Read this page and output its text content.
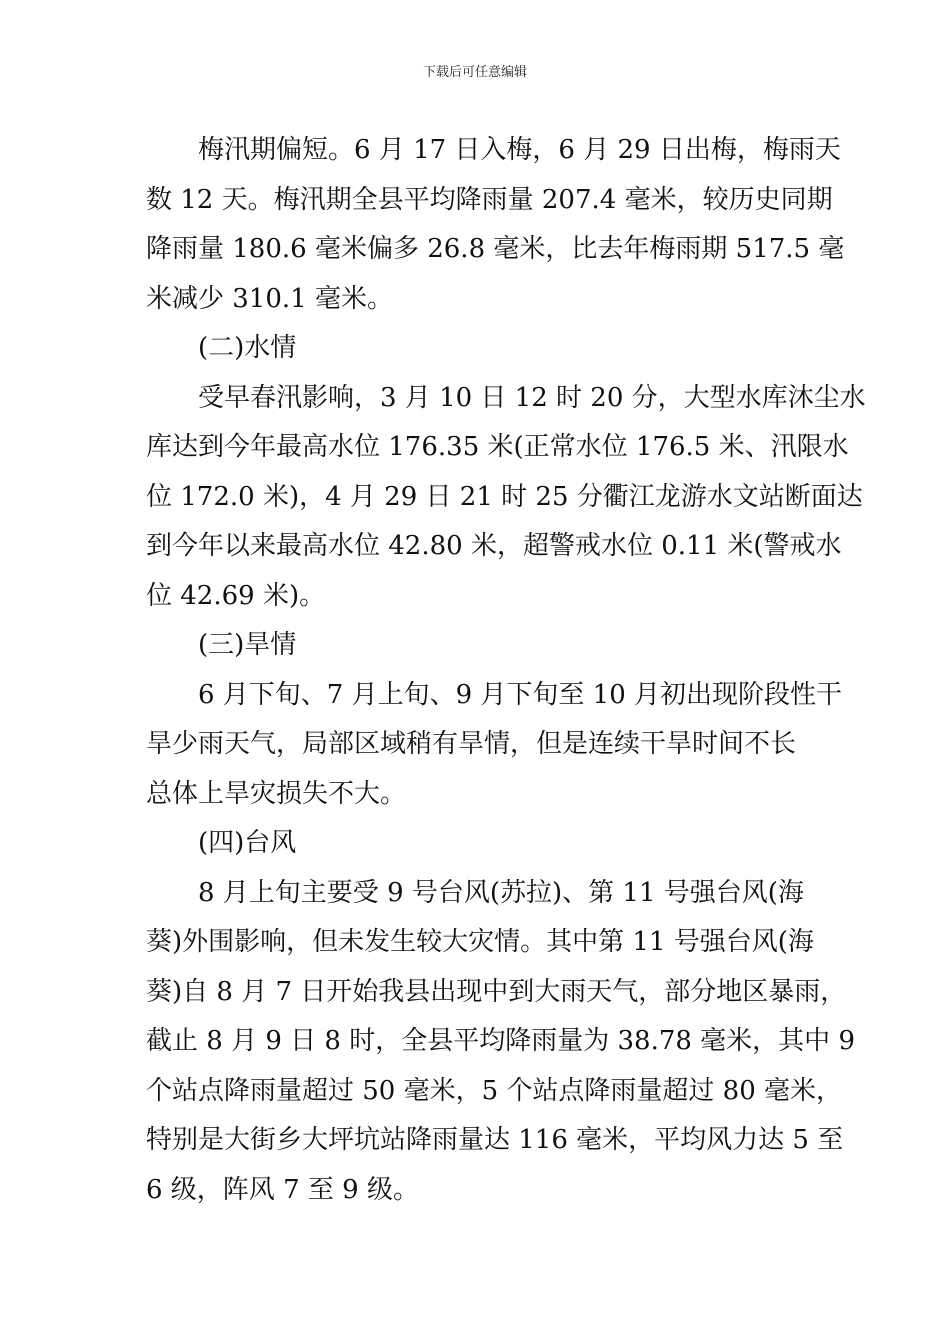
下载后可任意编辑
梅汛期偏短。6 月 17 日入梅，6 月 29 日出梅，梅雨天
数 12 天。梅汛期全县平均降雨量 207.4 毫米，较历史同期
降雨量 180.6 毫米偏多 26.8 毫米，比去年梅雨期 517.5 毫
米减少 310.1 毫米。
(二)水情
受早春汛影响，3 月 10 日 12 时 20 分，大型水库沐尘水
库达到今年最高水位 176.35 米(正常水位 176.5 米、汛限水
位 172.0 米)，4 月 29 日 21 时 25 分衢江龙游水文站断面达
到今年以来最高水位 42.80 米，超警戒水位 0.11 米(警戒水
位 42.69 米)。
(三)旱情
6 月下旬、7 月上旬、9 月下旬至 10 月初出现阶段性干
旱少雨天气，局部区域稍有旱情，但是连续干旱时间不长
总体上旱灾损失不大。
(四)台风
8 月上旬主要受 9 号台风(苏拉)、第 11 号强台风(海
葵)外围影响，但未发生较大灾情。其中第 11 号强台风(海
葵)自 8 月 7 日开始我县出现中到大雨天气，部分地区暴雨，
截止 8 月 9 日 8 时，全县平均降雨量为 38.78 毫米，其中 9
个站点降雨量超过 50 毫米，5 个站点降雨量超过 80 毫米，
特别是大街乡大坪坑站降雨量达 116 毫米，平均风力达 5 至
6 级，阵风 7 至 9 级。
